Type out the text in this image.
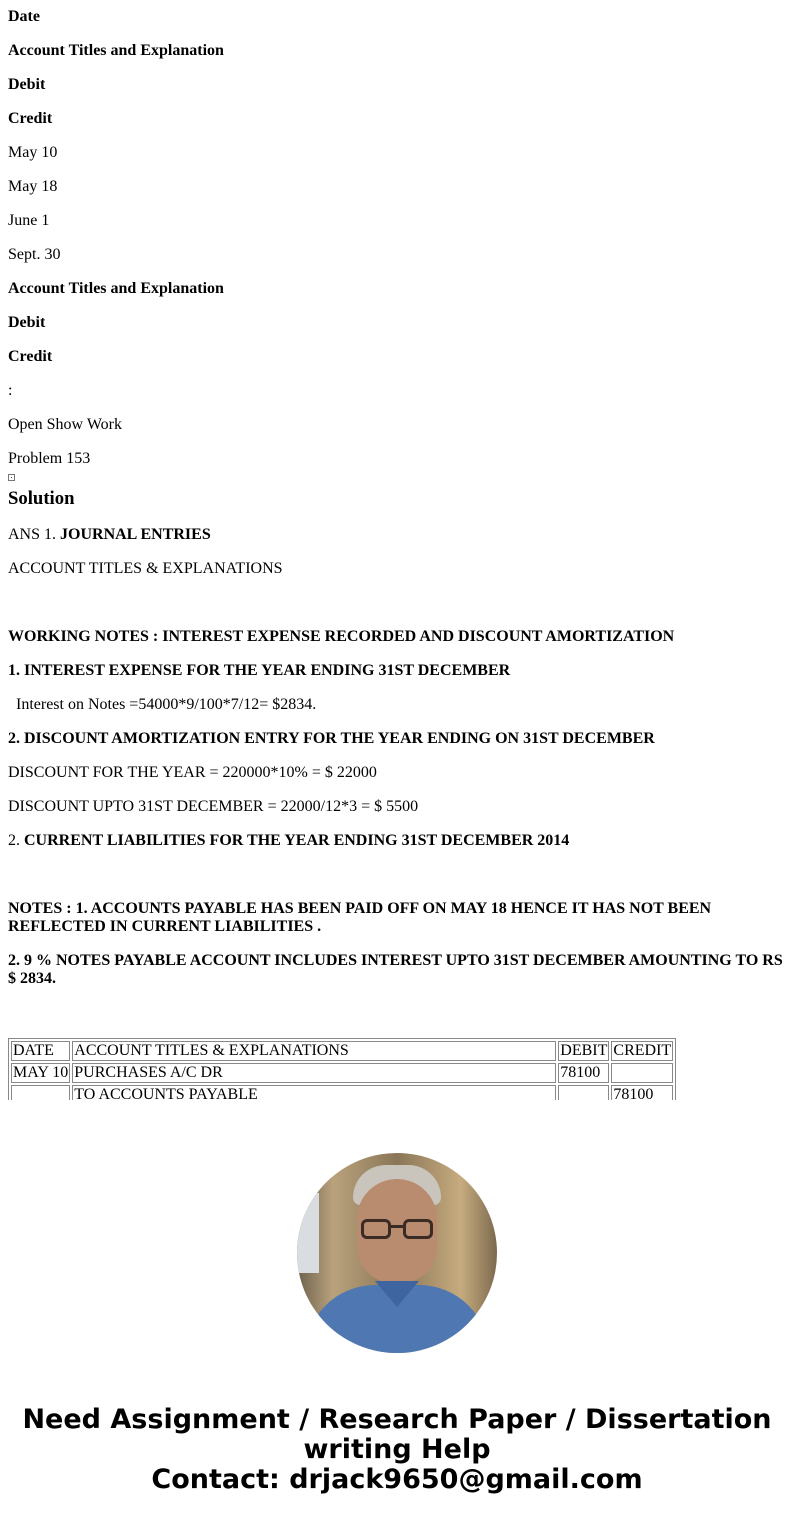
Date

Account Titles and Explanation

Debit

Credit

May 10

May 18

June 1

Sept. 30

Account Titles and Explanation

Debit

Credit

:

Open Show Work

Problem 153

Solution

ANS 1. JOURNAL ENTRIES

ACCOUNT TITLES & EXPLANATIONS

WORKING NOTES : INTEREST EXPENSE RECORDED AND DISCOUNT AMORTIZATION

1. INTEREST EXPENSE FOR THE YEAR ENDING 31ST DECEMBER

Interest on Notes =54000*9/100*7/12= $2834.

2. DISCOUNT AMORTIZATION ENTRY FOR THE YEAR ENDING ON 31ST DECEMBER

DISCOUNT FOR THE YEAR = 220000*10% = $ 22000

DISCOUNT UPTO 31ST DECEMBER = 22000/12*3 = $ 5500

2. CURRENT LIABILITIES FOR THE YEAR ENDING 31ST DECEMBER 2014

NOTES : 1. ACCOUNTS PAYABLE HAS BEEN PAID OFF ON MAY 18 HENCE IT HAS NOT BEEN REFLECTED IN CURRENT LIABILITIES .

2. 9 % NOTES PAYABLE ACCOUNT INCLUDES INTEREST UPTO 31ST DECEMBER AMOUNTING TO RS $ 2834.

DATE	ACCOUNT TITLES & EXPLANATIONS	DEBIT	CREDIT
MAY 10	PURCHASES A/C DR	78100	
	TO ACCOUNTS PAYABLE		78100
Need Assignment / Research Paper / Dissertation
writing Help
Contact: drjack9650@gmail.com
